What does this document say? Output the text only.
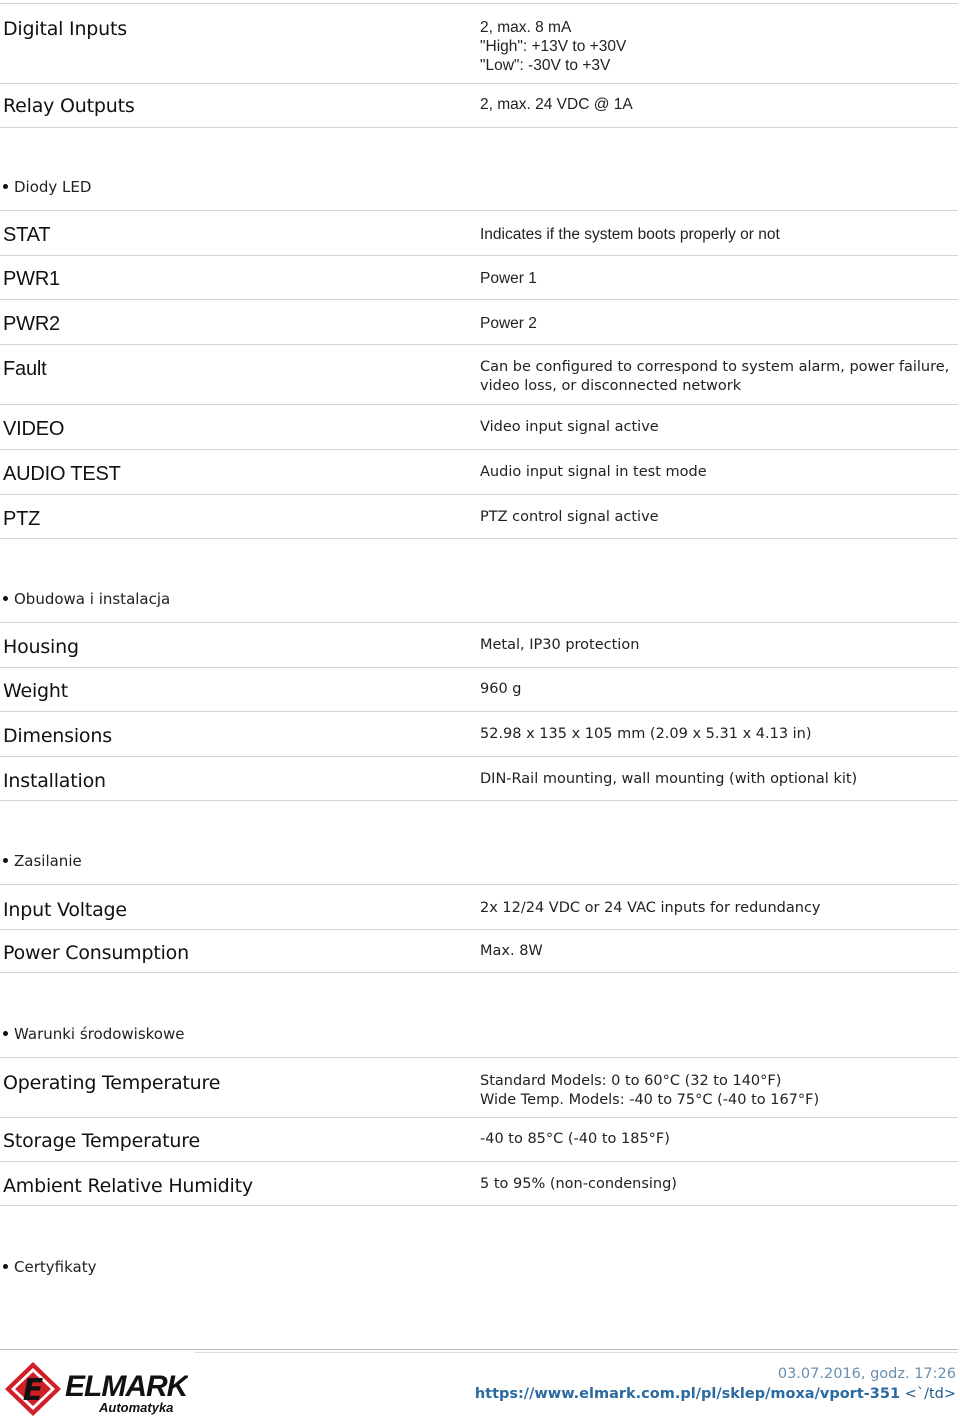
Digital Inputs	2, max. 8 mA
"High": +13V to +30V
"Low": -30V to +3V
Relay Outputs	2, max. 24 VDC @ 1A
Diody LED
STAT	Indicates if the system boots properly or not
PWR1	Power 1
PWR2	Power 2
Fault	Can be configured to correspond to system alarm, power failure,
video loss, or disconnected network
VIDEO	Video input signal active
AUDIO TEST	Audio input signal in test mode
PTZ	PTZ control signal active
Obudowa i instalacja
Housing	Metal, IP30 protection
Weight	960 g
Dimensions	52.98 x 135 x 105 mm (2.09 x 5.31 x 4.13 in)
Installation	DIN-Rail mounting, wall mounting (with optional kit)
Zasilanie
Input Voltage	2x 12/24 VDC or 24 VAC inputs for redundancy
Power Consumption	Max. 8W
Warunki środowiskowe
Operating Temperature	Standard Models: 0 to 60°C (32 to 140°F)
Wide Temp. Models: -40 to 75°C (-40 to 167°F)
Storage Temperature	-40 to 85°C (-40 to 185°F)
Ambient Relative Humidity	5 to 95% (non-condensing)
Certyfikaty
E ELMARK
Automatyka
03.07.2016, godz. 17:26
https://www.elmark.com.pl/pl/sklep/moxa/vport-351 <`/td>
